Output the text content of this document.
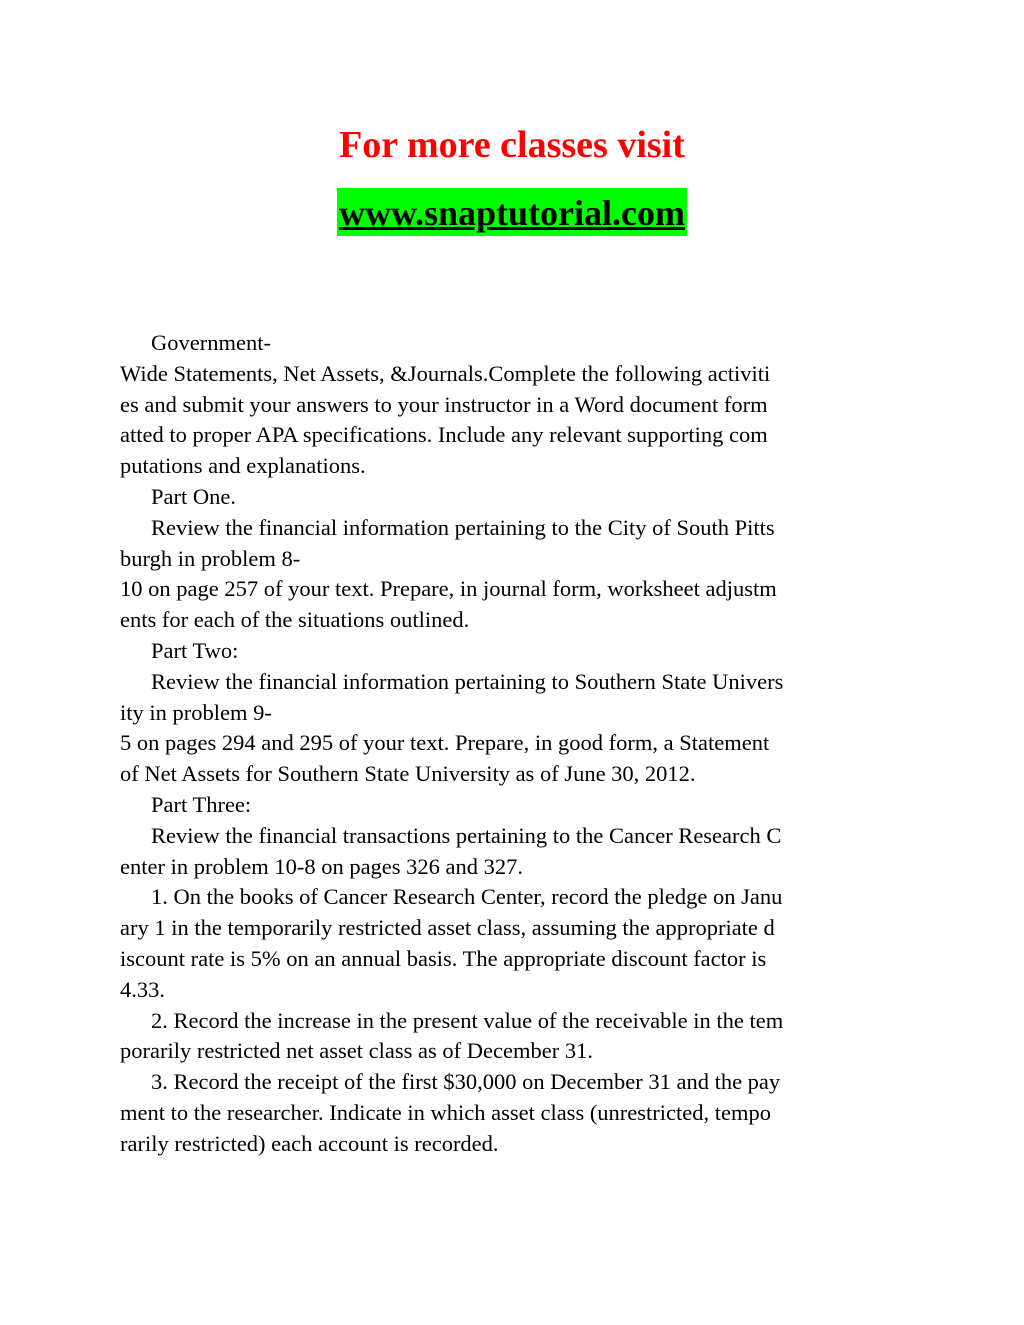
For more classes visit
www.snaptutorial.com
Government-
Wide Statements, Net Assets, &Journals.Complete the following activiti
es and submit your answers to your instructor in a Word document form
atted to proper APA specifications. Include any relevant supporting com
putations and explanations.
Part One.
Review the financial information pertaining to the City of South Pitts
burgh in problem 8-
10 on page 257 of your text. Prepare, in journal form, worksheet adjustm
ents for each of the situations outlined.
Part Two:
Review the financial information pertaining to Southern State Univers
ity in problem 9-
5 on pages 294 and 295 of your text. Prepare, in good form, a Statement
of Net Assets for Southern State University as of June 30, 2012.
Part Three:
Review the financial transactions pertaining to the Cancer Research C
enter in problem 10-8 on pages 326 and 327.
1. On the books of Cancer Research Center, record the pledge on Janu
ary 1 in the temporarily restricted asset class, assuming the appropriate d
iscount rate is 5% on an annual basis. The appropriate discount factor is
4.33.
2. Record the increase in the present value of the receivable in the tem
porarily restricted net asset class as of December 31.
3. Record the receipt of the first $30,000 on December 31 and the pay
ment to the researcher. Indicate in which asset class (unrestricted, tempo
rarily restricted) each account is recorded.
